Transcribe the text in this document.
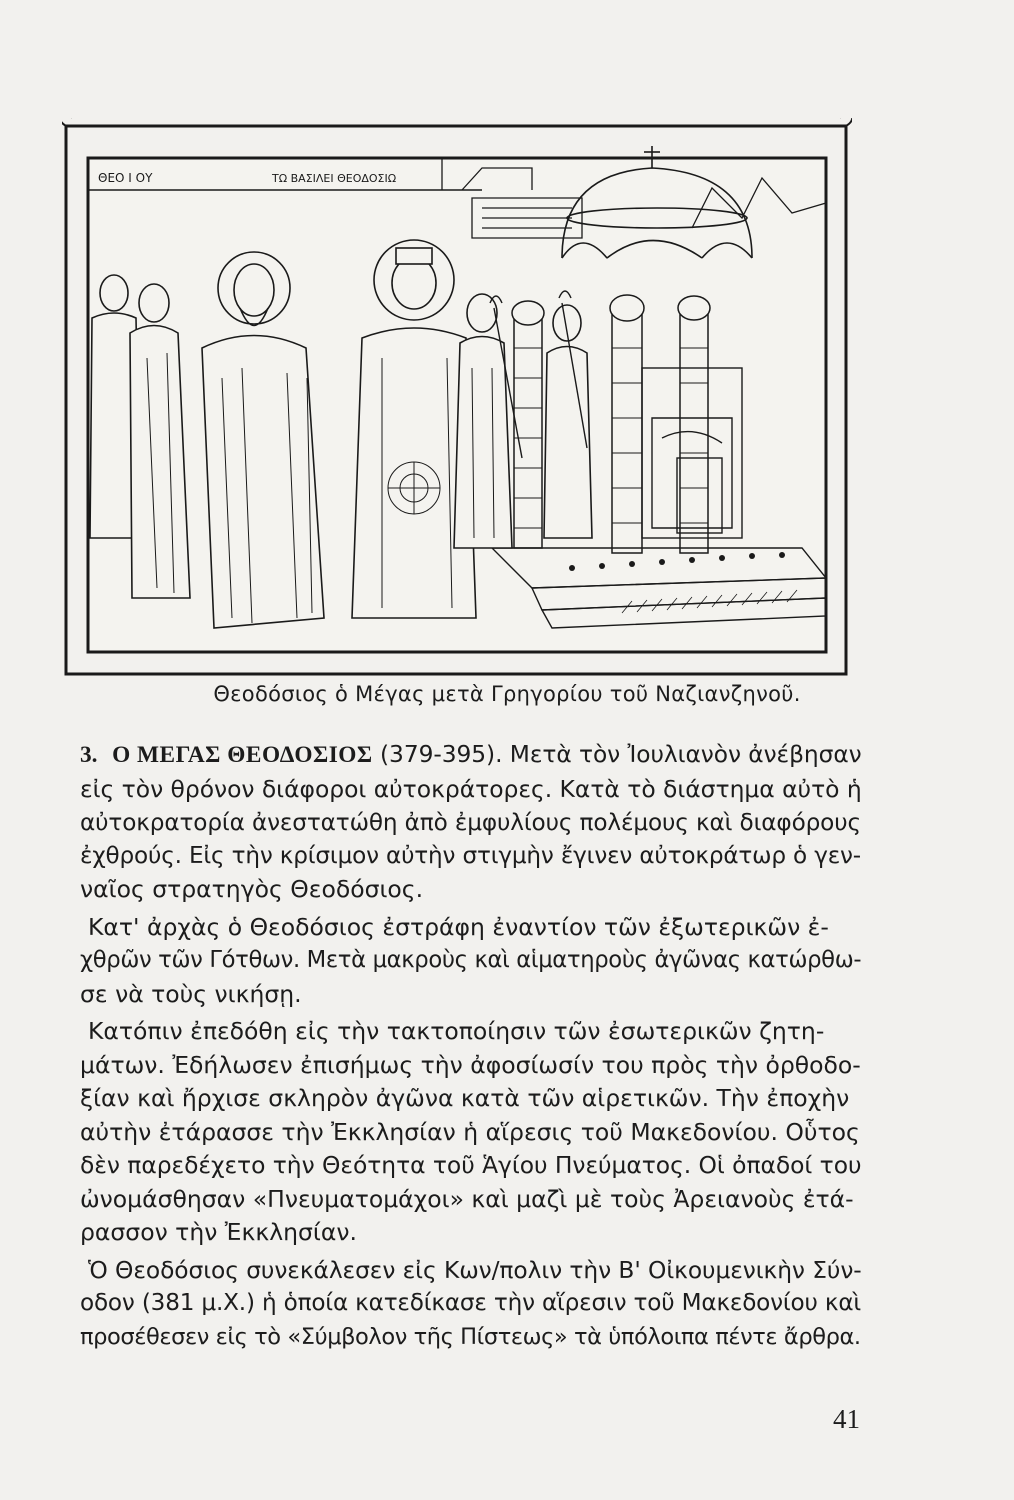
ΘΕΟ Ι ΟΥ	ΤΩ ΒΑΣΙΛΕΙ ΘΕΟΔΟΣΙΩ
Θεοδόσιος ὁ Μέγας μετὰ Γρηγορίου τοῦ Ναζιανζηνοῦ.

3. Ο ΜΕΓΑΣ ΘΕΟΔΟΣΙΟΣ (379-395). Μετὰ τὸν Ἰουλιανὸν ἀνέβησαν
εἰς τὸν θρόνον διάφοροι αὐτοκράτορες. Κατὰ τὸ διάστημα αὐτὸ ἡ
αὐτοκρατορία ἀνεστατώθη ἀπὸ ἐμφυλίους πολέμους καὶ διαφόρους
ἐχθρούς. Εἰς τὴν κρίσιμον αὐτὴν στιγμὴν ἔγινεν αὐτοκράτωρ ὁ γεν-
ναῖος στρατηγὸς Θεοδόσιος.

Κατ' ἀρχὰς ὁ Θεοδόσιος ἐστράφη ἐναντίον τῶν ἐξωτερικῶν ἐ-
χθρῶν τῶν Γότθων. Μετὰ μακροὺς καὶ αἱματηροὺς ἀγῶνας κατώρθω-
σε νὰ τοὺς νικήσῃ.

Κατόπιν ἐπεδόθη εἰς τὴν τακτοποίησιν τῶν ἐσωτερικῶν ζητη-
μάτων. Ἐδήλωσεν ἐπισήμως τὴν ἀφοσίωσίν του πρὸς τὴν ὀρθοδο-
ξίαν καὶ ἤρχισε σκληρὸν ἀγῶνα κατὰ τῶν αἱρετικῶν. Τὴν ἐποχὴν
αὐτὴν ἐτάρασσε τὴν Ἐκκλησίαν ἡ αἵρεσις τοῦ Μακεδονίου. Οὗτος
δὲν παρεδέχετο τὴν Θεότητα τοῦ Ἁγίου Πνεύματος. Οἱ ὀπαδοί του
ὠνομάσθησαν «Πνευματομάχοι» καὶ μαζὶ μὲ τοὺς Ἀρειανοὺς ἐτά-
ρασσον τὴν Ἐκκλησίαν.

Ὁ Θεοδόσιος συνεκάλεσεν εἰς Κων/πολιν τὴν Β' Οἰκουμενικὴν Σύν-
οδον (381 μ.Χ.) ἡ ὁποία κατεδίκασε τὴν αἵρεσιν τοῦ Μακεδονίου καὶ
προσέθεσεν εἰς τὸ «Σύμβολον τῆς Πίστεως» τὰ ὑπόλοιπα πέντε ἄρθρα.

41
